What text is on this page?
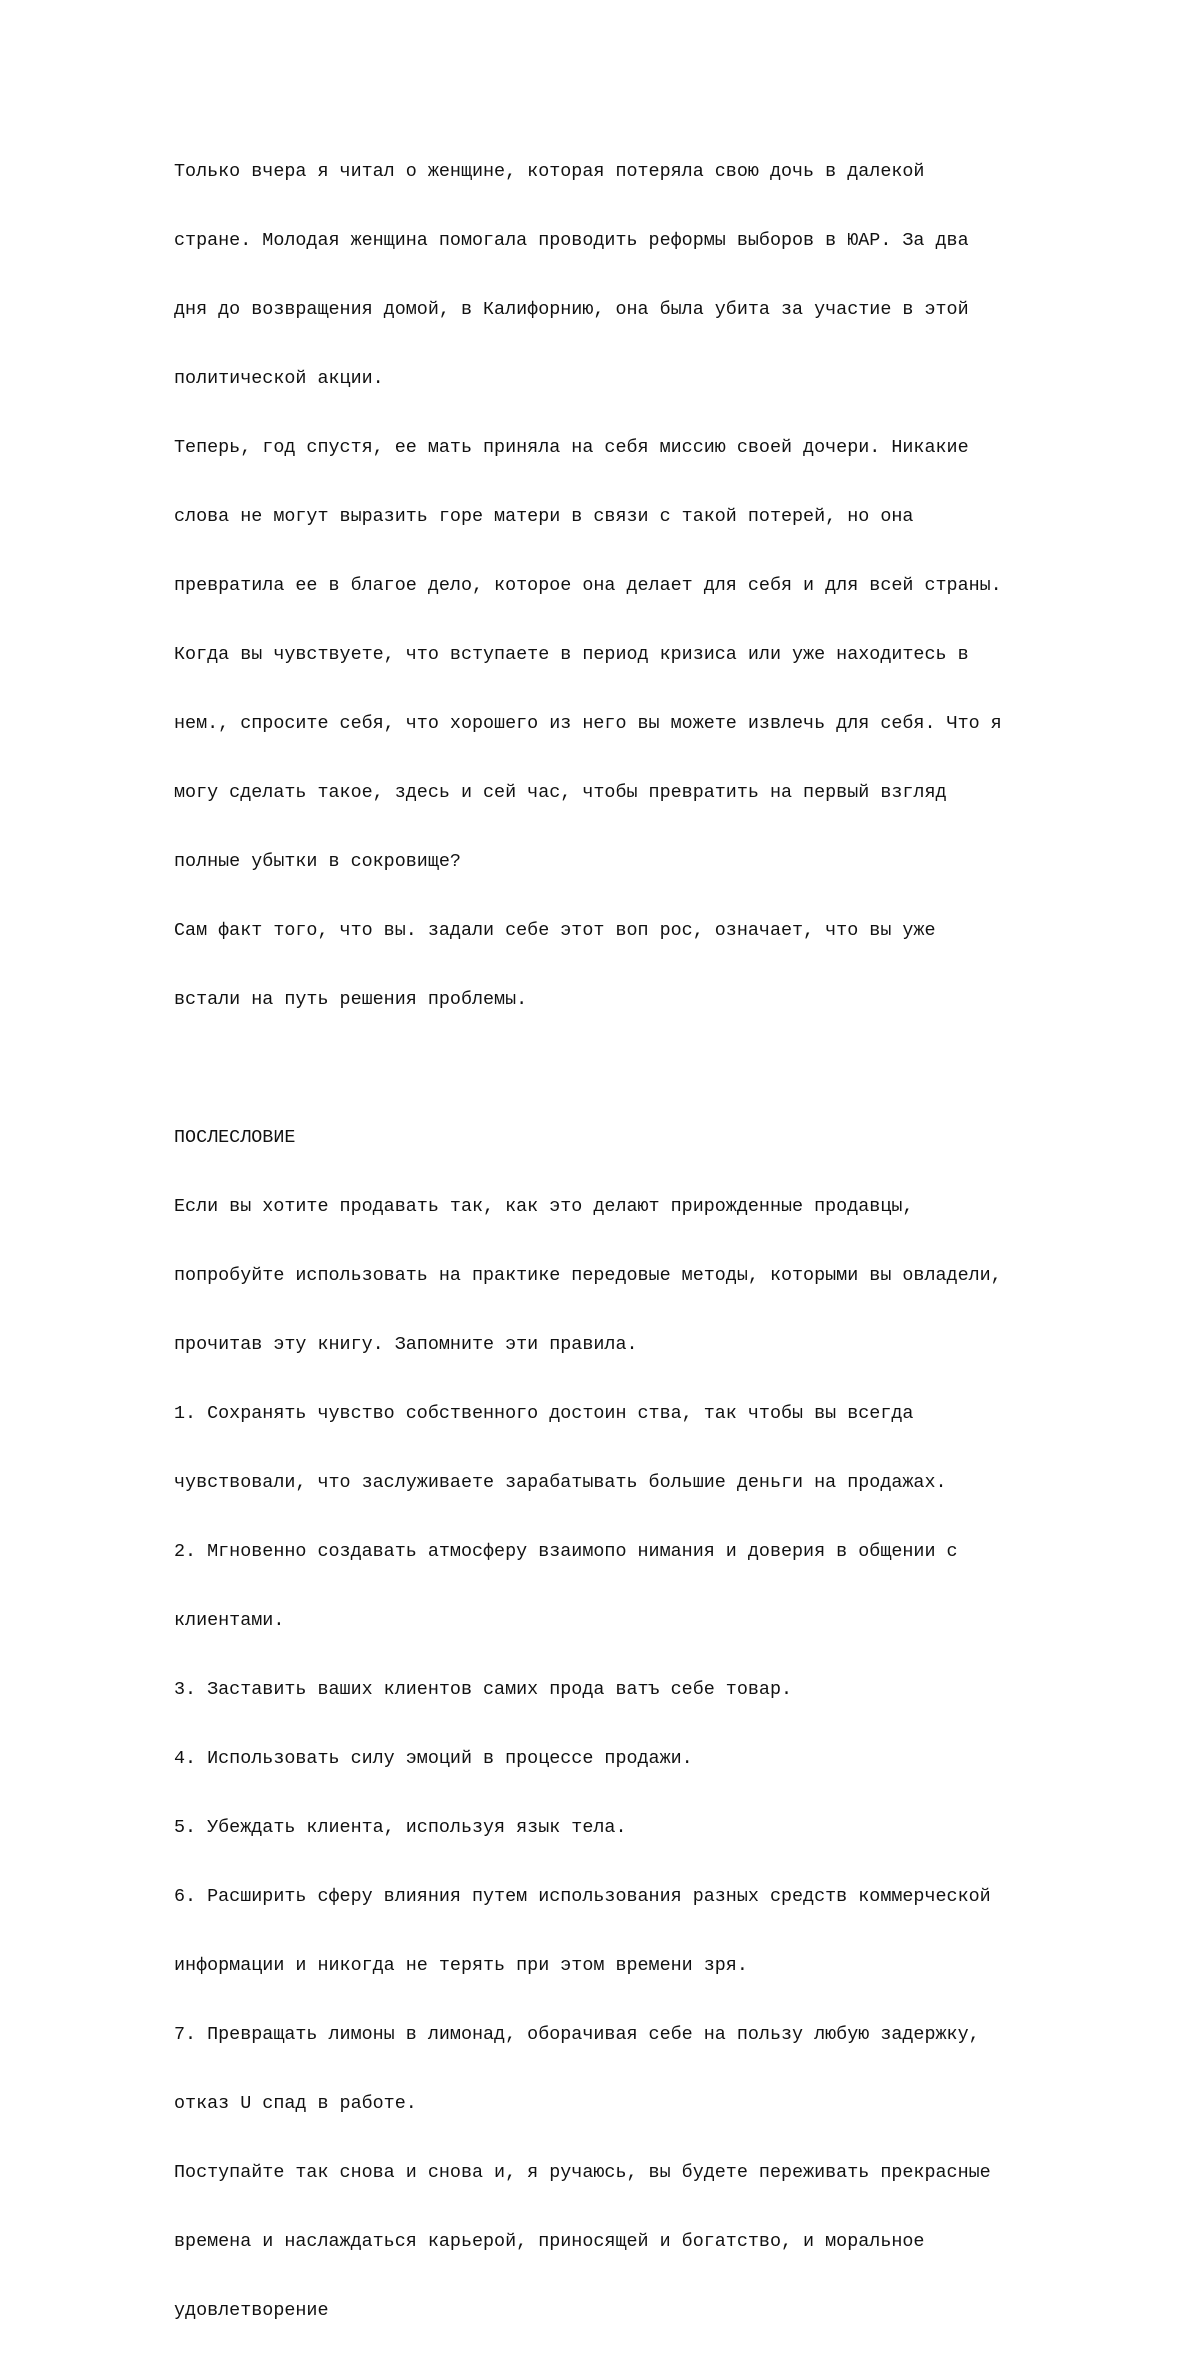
Только вчера я читал о женщине, которая потеряла свою дочь в далекой

стране. Молодая женщина помогала проводить реформы выборов в ЮАР. За два

дня до возвращения домой, в Калифорнию, она была убита за участие в этой

политической акции.

Теперь, год спустя, ее мать приняла на себя миссию своей дочери. Никакие

слова не могут выразить горе матери в связи с такой потерей, но она

превратила ее в благое дело, которое она делает для себя и для всей страны.

Когда вы чувствуете, что вступаете в период кризиса или уже находитесь в

нем., спросите себя, что хорошего из него вы можете извлечь для себя. Что я

могу сделать такое, здесь и сей час, чтобы превратить на первый взгляд

полные убытки в сокровище?

Сам факт того, что вы. задали себе этот воп рос, означает, что вы уже

встали на путь решения проблемы.

ПОСЛЕСЛОВИЕ

Если вы хотите продавать так, как это делают прирожденные продавцы,

попробуйте использовать на практике передовые методы, которыми вы овладели,

прочитав эту книгу. Запомните эти правила.

1. Сохранять чувство собственного достоин ства, так чтобы вы всегда

чувствовали, что заслуживаете зарабатывать большие деньги на продажах.

2. Мгновенно создавать атмосферу взаимопо нимания и доверия в общении с

клиентами.

3. Заставить ваших клиентов самих прода ватъ себе товар.

4. Использовать силу эмоций в процессе продажи.

5. Убеждать клиента, используя язык тела.

6. Расширить сферу влияния путем использования разных средств коммерческой

информации и никогда не терять при этом времени зря.

7. Превращать лимоны в лимонад, оборачивая себе на пользу любую задержку,

отказ U спад в работе.

Поступайте так снова и снова и, я ручаюсь, вы будете переживать прекрасные

времена и наслаждаться карьерой, приносящей и богатство, и моральное

удовлетворение
